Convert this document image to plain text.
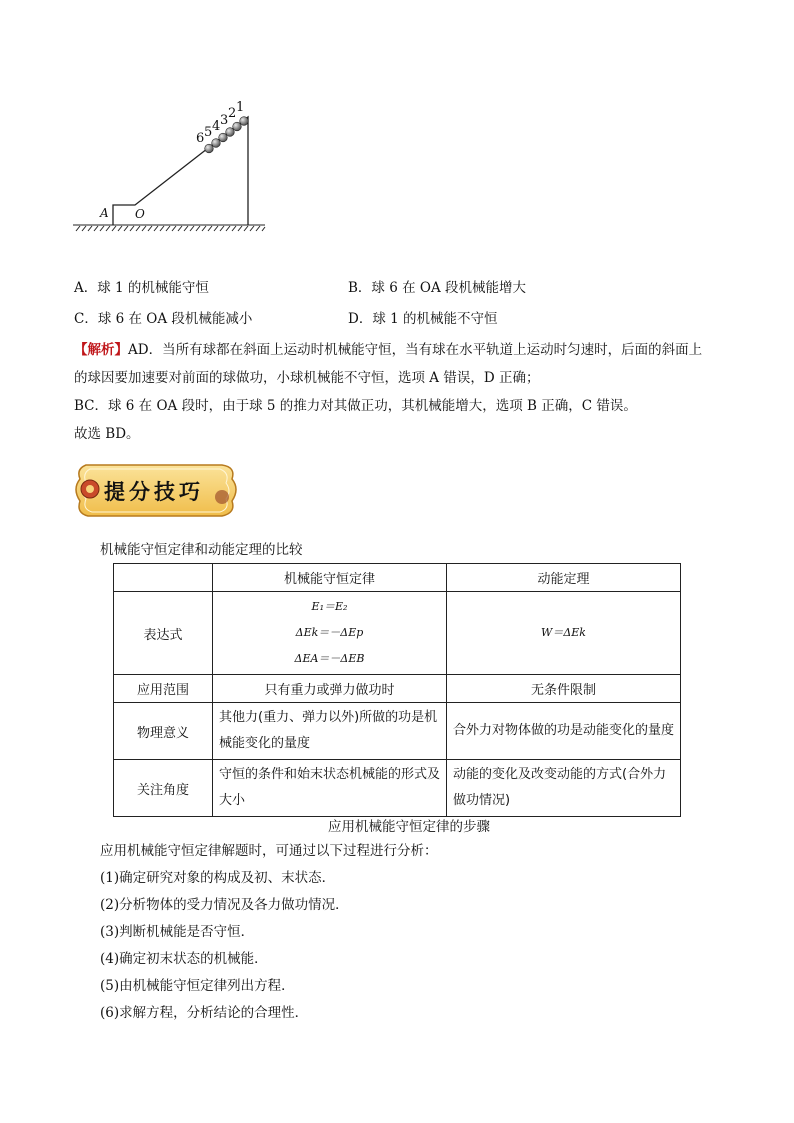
6 5 4 3 2 1
A O
A．球 1 的机械能守恒	B．球 6 在 OA 段机械能增大
C．球 6 在 OA 段机械能减小	D．球 1 的机械能不守恒
【解析】AD．当所有球都在斜面上运动时机械能守恒，当有球在水平轨道上运动时匀速时，后面的斜面上
的球因要加速要对前面的球做功，小球机械能不守恒，选项 A 错误，D 正确；
BC．球 6 在 OA 段时，由于球 5 的推力对其做正功，其机械能增大，选项 B 正确，C 错误。
故选 BD。
提分技巧
机械能守恒定律和动能定理的比较
	机械能守恒定律	动能定理
表达式	E₁＝E₂
ΔEk＝－ΔEp
ΔEA＝－ΔEB	W＝ΔEk
应用范围	只有重力或弹力做功时	无条件限制
物理意义	其他力(重力、弹力以外)所做的功是机械能变化的量度	合外力对物体做的功是动能变化的量度
关注角度	守恒的条件和始末状态机械能的形式及大小	动能的变化及改变动能的方式(合外力做功情况)
应用机械能守恒定律的步骤
应用机械能守恒定律解题时，可通过以下过程进行分析：
(1)确定研究对象的构成及初、末状态．
(2)分析物体的受力情况及各力做功情况．
(3)判断机械能是否守恒．
(4)确定初末状态的机械能．
(5)由机械能守恒定律列出方程．
(6)求解方程，分析结论的合理性．
